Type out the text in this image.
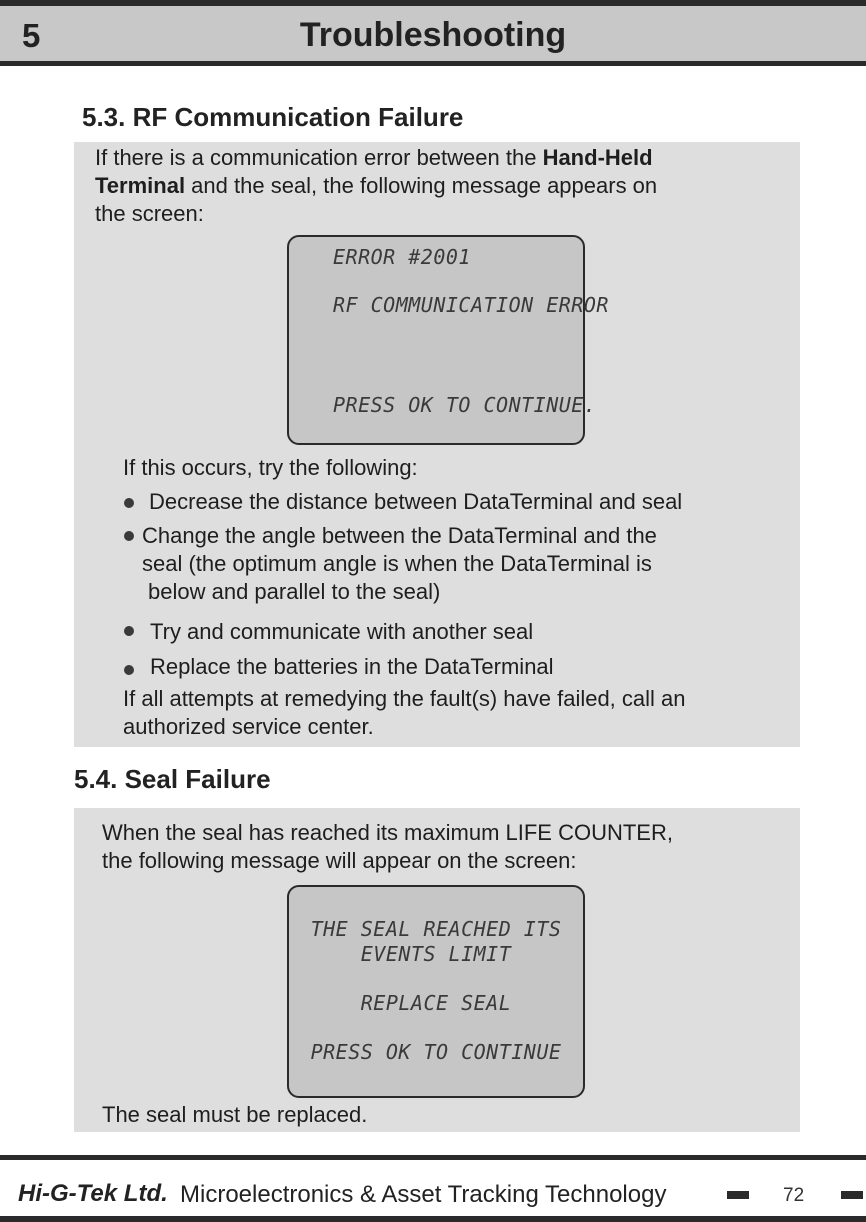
5	Troubleshooting
5.3. RF Communication Failure
If there is a communication error between the Hand-Held
Terminal and the seal, the following message appears on
the screen:
If this occurs, try the following:
Decrease the distance between DataTerminal and seal
Change the angle between the DataTerminal and the
seal (the optimum angle is when the DataTerminal is
below and parallel to the seal)
Try and communicate with another seal
Replace the batteries in the DataTerminal
If all attempts at remedying the fault(s) have failed, call an
authorized service center.
ERROR #2001
RF COMMUNICATION ERROR
PRESS OK TO CONTINUE.
5.4. Seal Failure
When the seal has reached its maximum LIFE COUNTER,
the following message will appear on the screen:
The seal must be replaced.
THE SEAL REACHED ITS
EVENTS LIMIT
REPLACE SEAL
PRESS OK TO CONTINUE
Hi-G-Tek Ltd. Microelectronics & Asset Tracking Technology	72
